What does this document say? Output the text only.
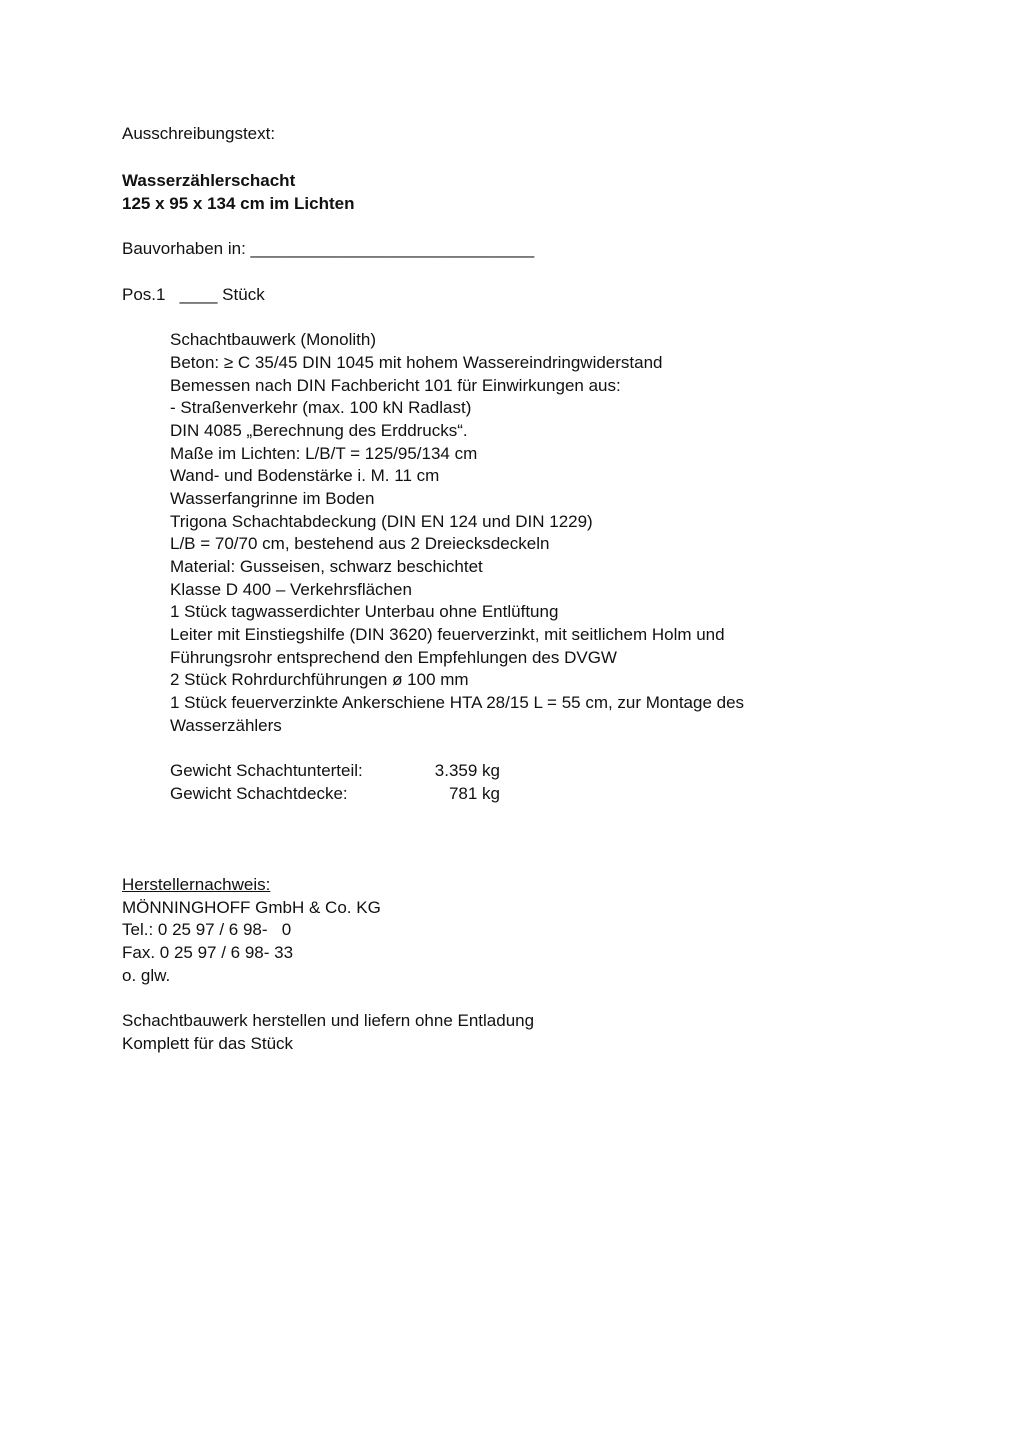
Ausschreibungstext:
Wasserzählerschacht
125 x 95 x 134 cm im Lichten
Bauvorhaben in: ______________________________
Pos.1   ____ Stück
Schachtbauwerk (Monolith)
Beton: ≥ C 35/45 DIN 1045 mit hohem Wassereindringwiderstand
Bemessen nach DIN Fachbericht 101 für Einwirkungen aus:
- Straßenverkehr (max. 100 kN Radlast)
DIN 4085 „Berechnung des Erddrucks“.
Maße im Lichten: L/B/T = 125/95/134 cm
Wand- und Bodenstärke i. M. 11 cm
Wasserfangrinne im Boden
Trigona Schachtabdeckung (DIN EN 124 und DIN 1229)
L/B = 70/70 cm, bestehend aus 2 Dreiecksdeckeln
Material: Gusseisen, schwarz beschichtet
Klasse D 400 – Verkehrsflächen
1 Stück tagwasserdichter Unterbau ohne Entlüftung
Leiter mit Einstiegshilfe (DIN 3620) feuerverzinkt, mit seitlichem Holm und
Führungsrohr entsprechend den Empfehlungen des DVGW
2 Stück Rohrdurchführungen ø 100 mm
1 Stück feuerverzinkte Ankerschiene HTA 28/15 L = 55 cm, zur Montage des
Wasserzählers
Gewicht Schachtunterteil:	3.359 kg
Gewicht Schachtdecke:	781 kg
Herstellernachweis:
MÖNNINGHOFF GmbH & Co. KG
Tel.: 0 25 97 / 6 98-   0
Fax. 0 25 97 / 6 98- 33
o. glw.
Schachtbauwerk herstellen und liefern ohne Entladung
Komplett für das Stück
